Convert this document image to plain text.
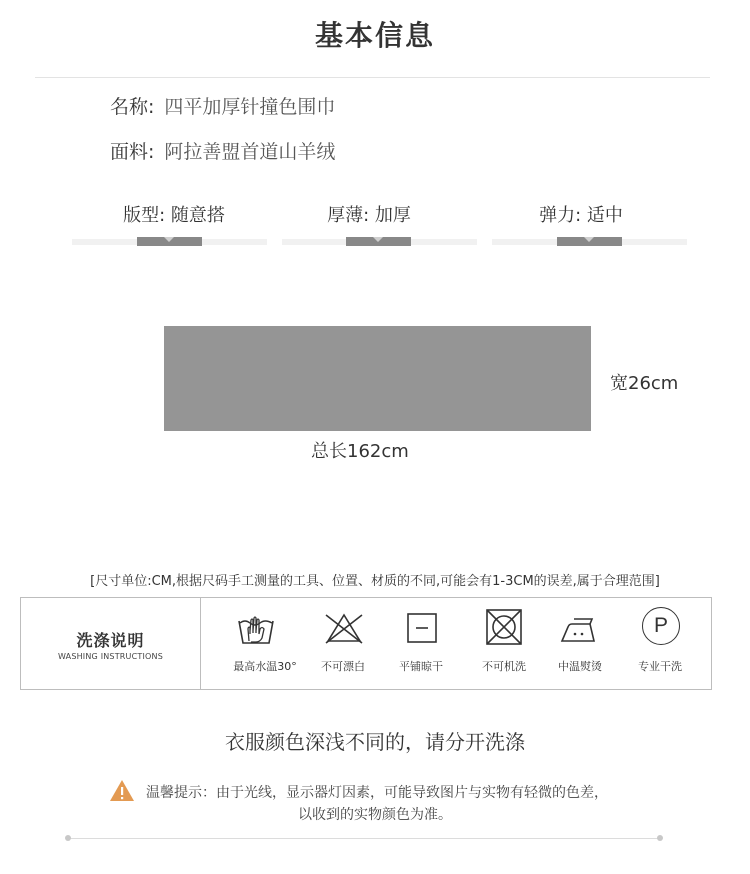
基本信息
名称: 四平加厚针撞色围巾
面料: 阿拉善盟首道山羊绒
版型: 随意搭	厚薄: 加厚	弹力: 适中
宽26cm
总长162cm
[尺寸单位:CM,根据尺码手工测量的工具、位置、材质的不同,可能会有1-3CM的误差,属于合理范围]
洗涤说明
WASHING INSTRUCTIONS
最高水温30°	不可漂白	平铺晾干	不可机洗	中温熨烫
P
专业干洗
衣服颜色深浅不同的，请分开洗涤
温馨提示：由于光线，显示器灯因素，可能导致图片与实物有轻微的色差，
以收到的实物颜色为准。
